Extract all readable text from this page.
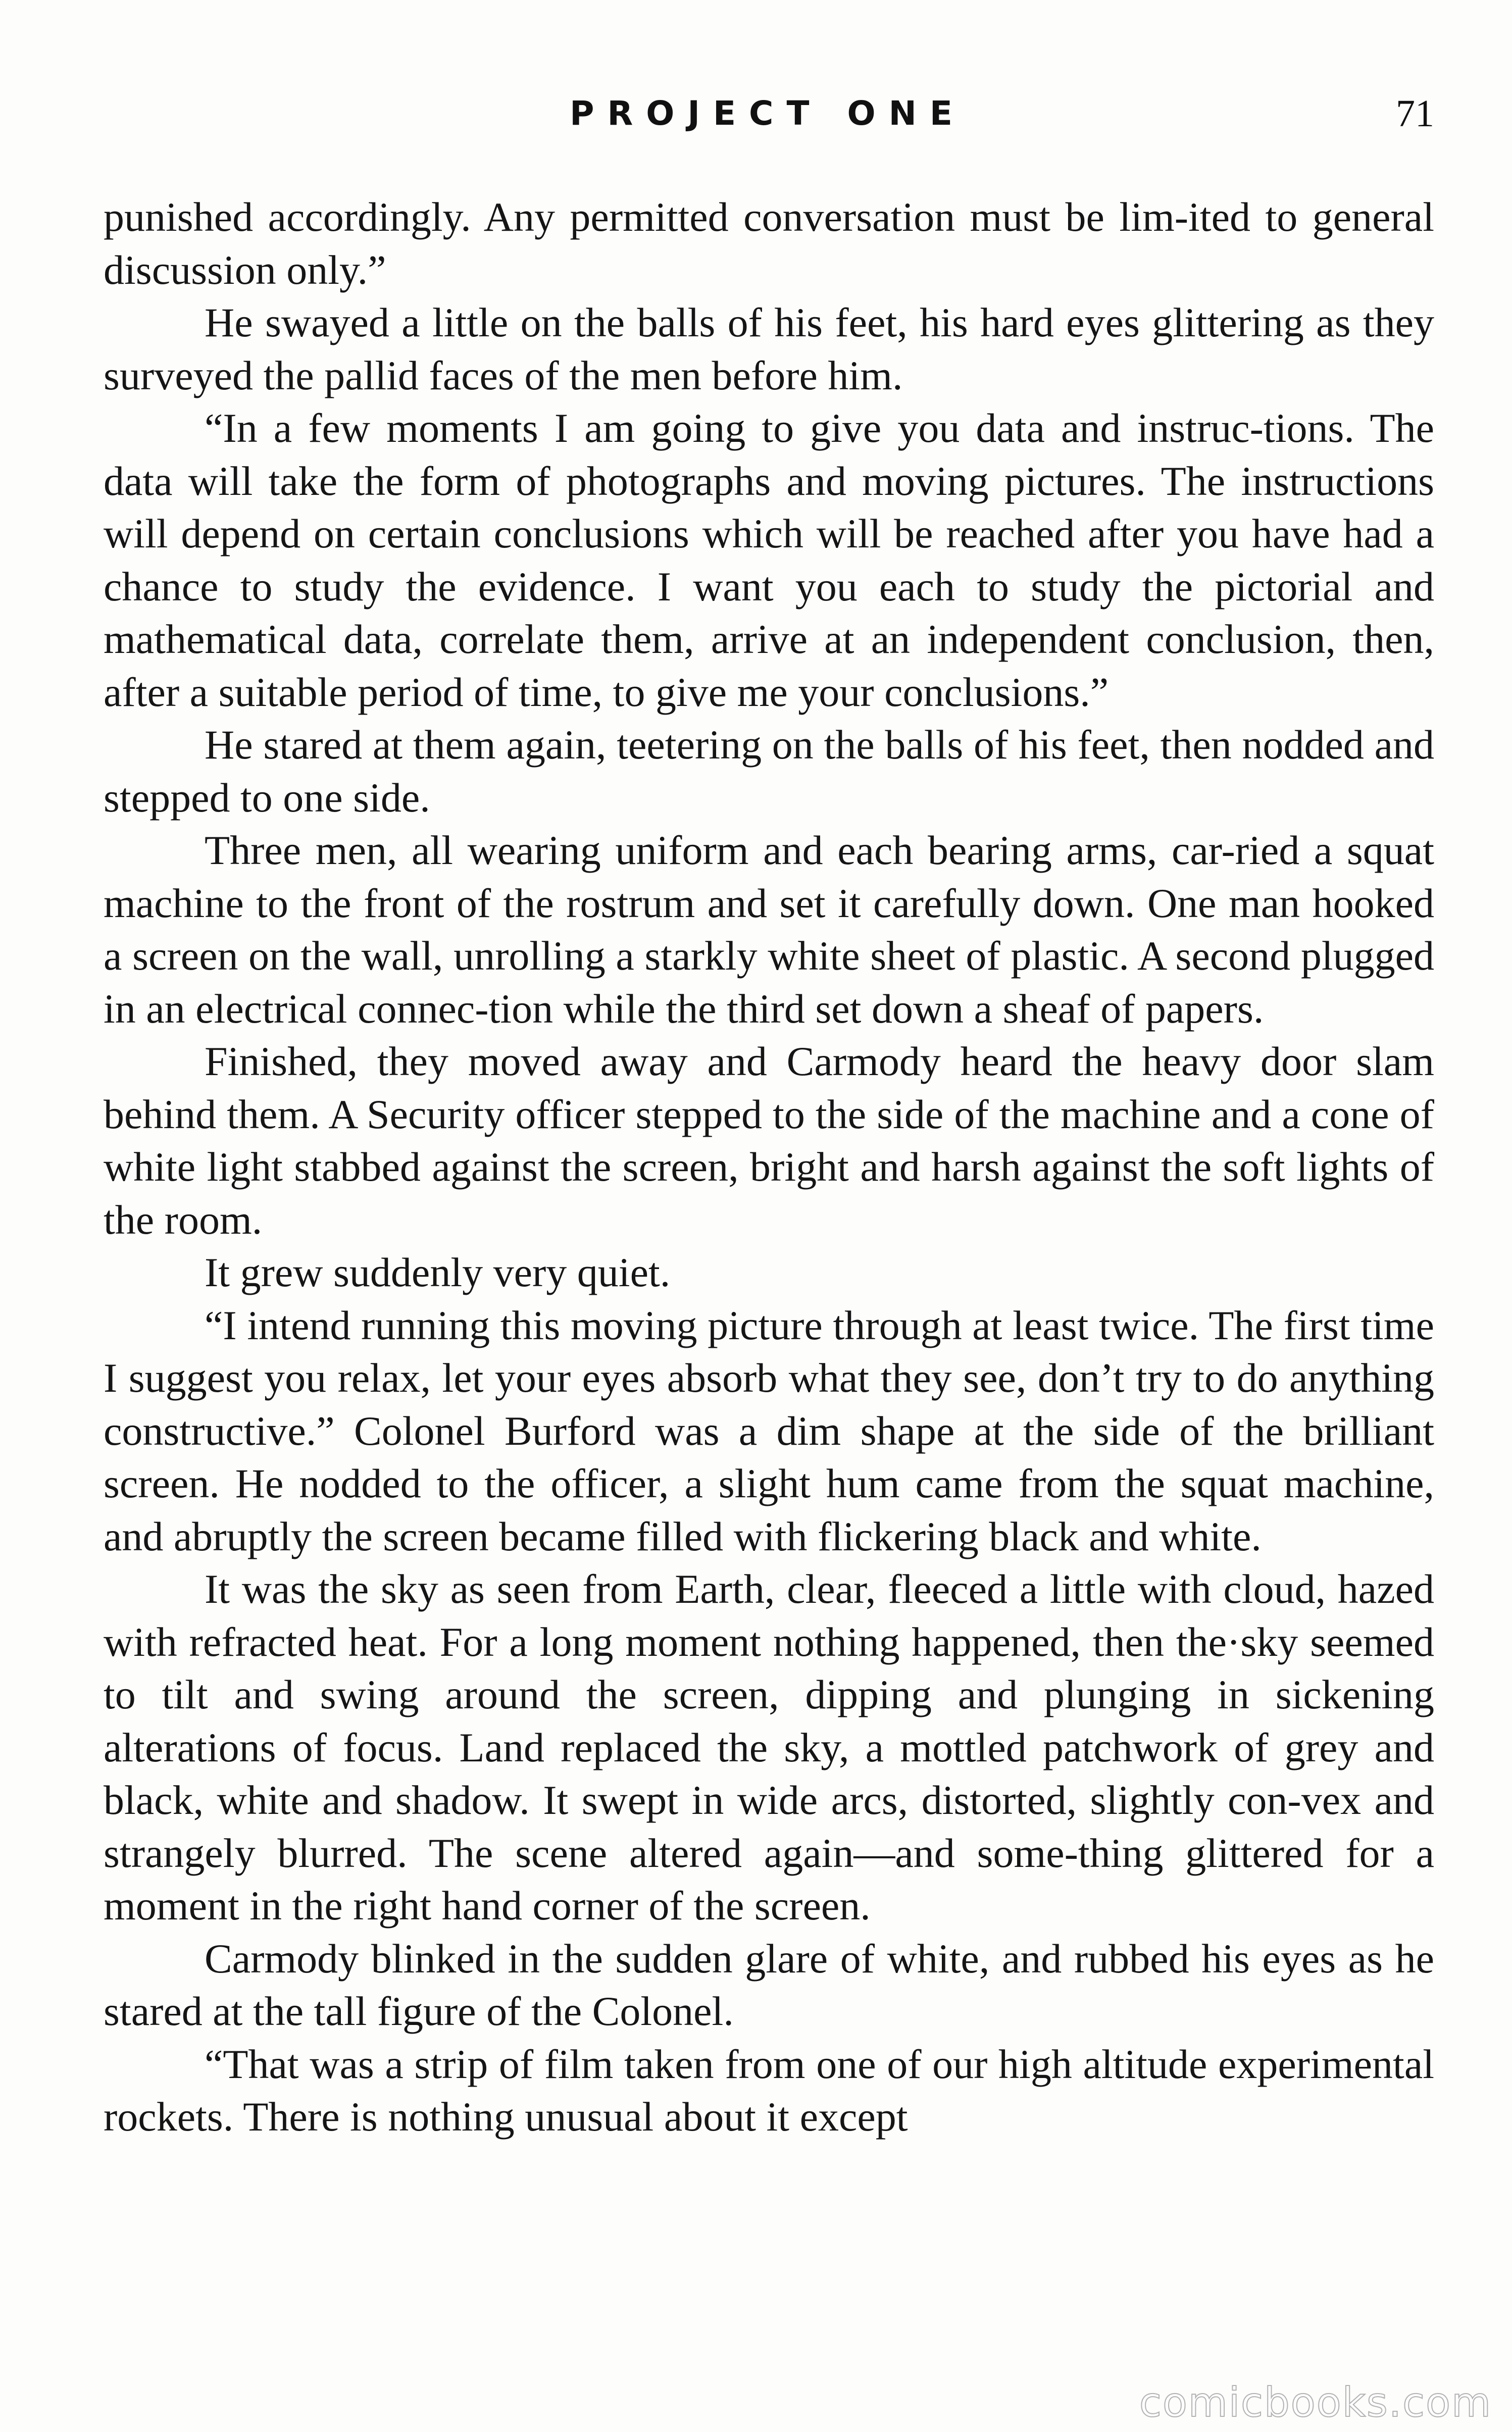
PROJECT ONE	71

punished accordingly. Any permitted conversation must be lim-ited to general discussion only.”

He swayed a little on the balls of his feet, his hard eyes glittering as they surveyed the pallid faces of the men before him.

“In a few moments I am going to give you data and instruc-tions. The data will take the form of photographs and moving pictures. The instructions will depend on certain conclusions which will be reached after you have had a chance to study the evidence. I want you each to study the pictorial and mathematical data, correlate them, arrive at an independent conclusion, then, after a suitable period of time, to give me your conclusions.”

He stared at them again, teetering on the balls of his feet, then nodded and stepped to one side.

Three men, all wearing uniform and each bearing arms, car-ried a squat machine to the front of the rostrum and set it carefully down. One man hooked a screen on the wall, unrolling a starkly white sheet of plastic. A second plugged in an electrical connec-tion while the third set down a sheaf of papers.

Finished, they moved away and Carmody heard the heavy door slam behind them. A Security officer stepped to the side of the machine and a cone of white light stabbed against the screen, bright and harsh against the soft lights of the room.

It grew suddenly very quiet.

“I intend running this moving picture through at least twice. The first time I suggest you relax, let your eyes absorb what they see, don’t try to do anything constructive.” Colonel Burford was a dim shape at the side of the brilliant screen. He nodded to the officer, a slight hum came from the squat machine, and abruptly the screen became filled with flickering black and white.

It was the sky as seen from Earth, clear, fleeced a little with cloud, hazed with refracted heat. For a long moment nothing happened, then the·sky seemed to tilt and swing around the screen, dipping and plunging in sickening alterations of focus. Land replaced the sky, a mottled patchwork of grey and black, white and shadow. It swept in wide arcs, distorted, slightly con-vex and strangely blurred. The scene altered again—and some-thing glittered for a moment in the right hand corner of the screen.

Carmody blinked in the sudden glare of white, and rubbed his eyes as he stared at the tall figure of the Colonel.

“That was a strip of film taken from one of our high altitude experimental rockets. There is nothing unusual about it except

comicbooks.com
